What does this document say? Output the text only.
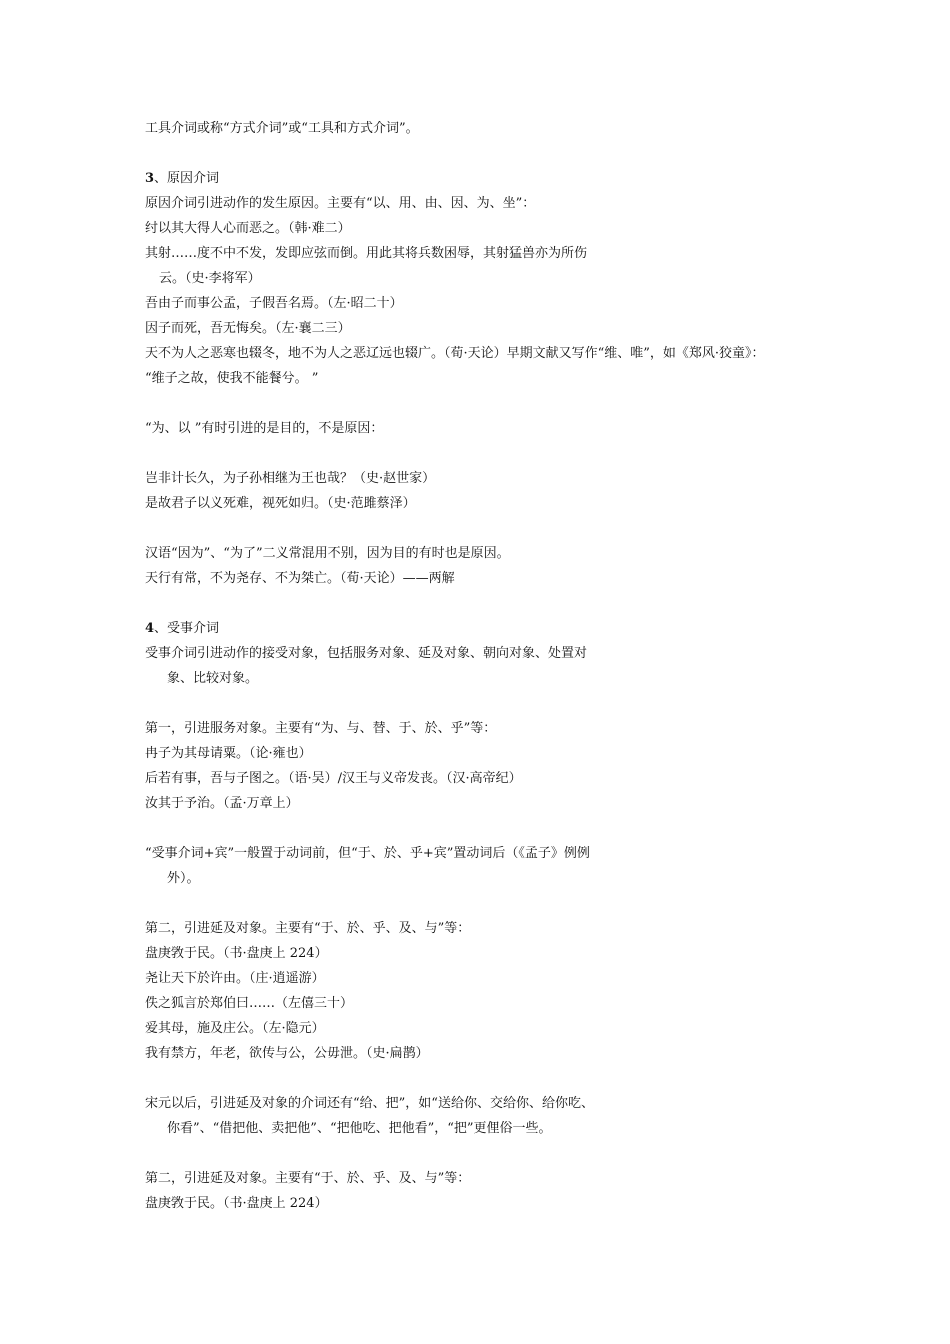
工具介词或称“方式介词”或“工具和方式介词”。
3、原因介词
原因介词引进动作的发生原因。主要有“以、用、由、因、为、坐”：
纣以其大得人心而恶之。（韩·难二）
其射……度不中不发，发即应弦而倒。用此其将兵数困辱，其射猛兽亦为所伤
云。（史·李将军）
吾由子而事公孟，子假吾名焉。（左·昭二十）
因子而死，吾无悔矣。（左·襄二三）
天不为人之恶寒也辍冬，地不为人之恶辽远也辍广。（荀·天论）早期文献又写作“维、唯”，如《郑风·狡童》：
“维子之故，使我不能餐兮。 ”
“为、以 ”有时引进的是目的，不是原因：
岂非计长久，为子孙相继为王也哉？（史·赵世家）
是故君子以义死难，视死如归。（史·范雎蔡泽）
汉语“因为”、“为了”二义常混用不别，因为目的有时也是原因。
天行有常，不为尧存、不为桀亡。（荀·天论）——两解
4、受事介词
受事介词引进动作的接受对象，包括服务对象、延及对象、朝向对象、处置对
象、比较对象。
第一，引进服务对象。主要有“为、与、替、于、於、乎”等：
冉子为其母请粟。（论·雍也）
后若有事，吾与子图之。（语·吴）/汉王与义帝发丧。（汉·高帝纪）
汝其于予治。（孟·万章上）
“受事介词+宾”一般置于动词前，但“于、於、乎+宾”置动词后（《孟子》例例
外）。
第二，引进延及对象。主要有“于、於、乎、及、与”等：
盘庚敩于民。（书·盘庚上 224）
尧让天下於许由。（庄·逍遥游）
佚之狐言於郑伯曰……（左僖三十）
爱其母，施及庄公。（左·隐元）
我有禁方，年老，欲传与公，公毋泄。（史·扁鹊）
宋元以后，引进延及对象的介词还有“给、把”，如“送给你、交给你、给你吃、
你看”、“借把他、卖把他”、“把他吃、把他看”，“把”更俚俗一些。
第二，引进延及对象。主要有“于、於、乎、及、与”等：
盘庚敩于民。（书·盘庚上 224）
